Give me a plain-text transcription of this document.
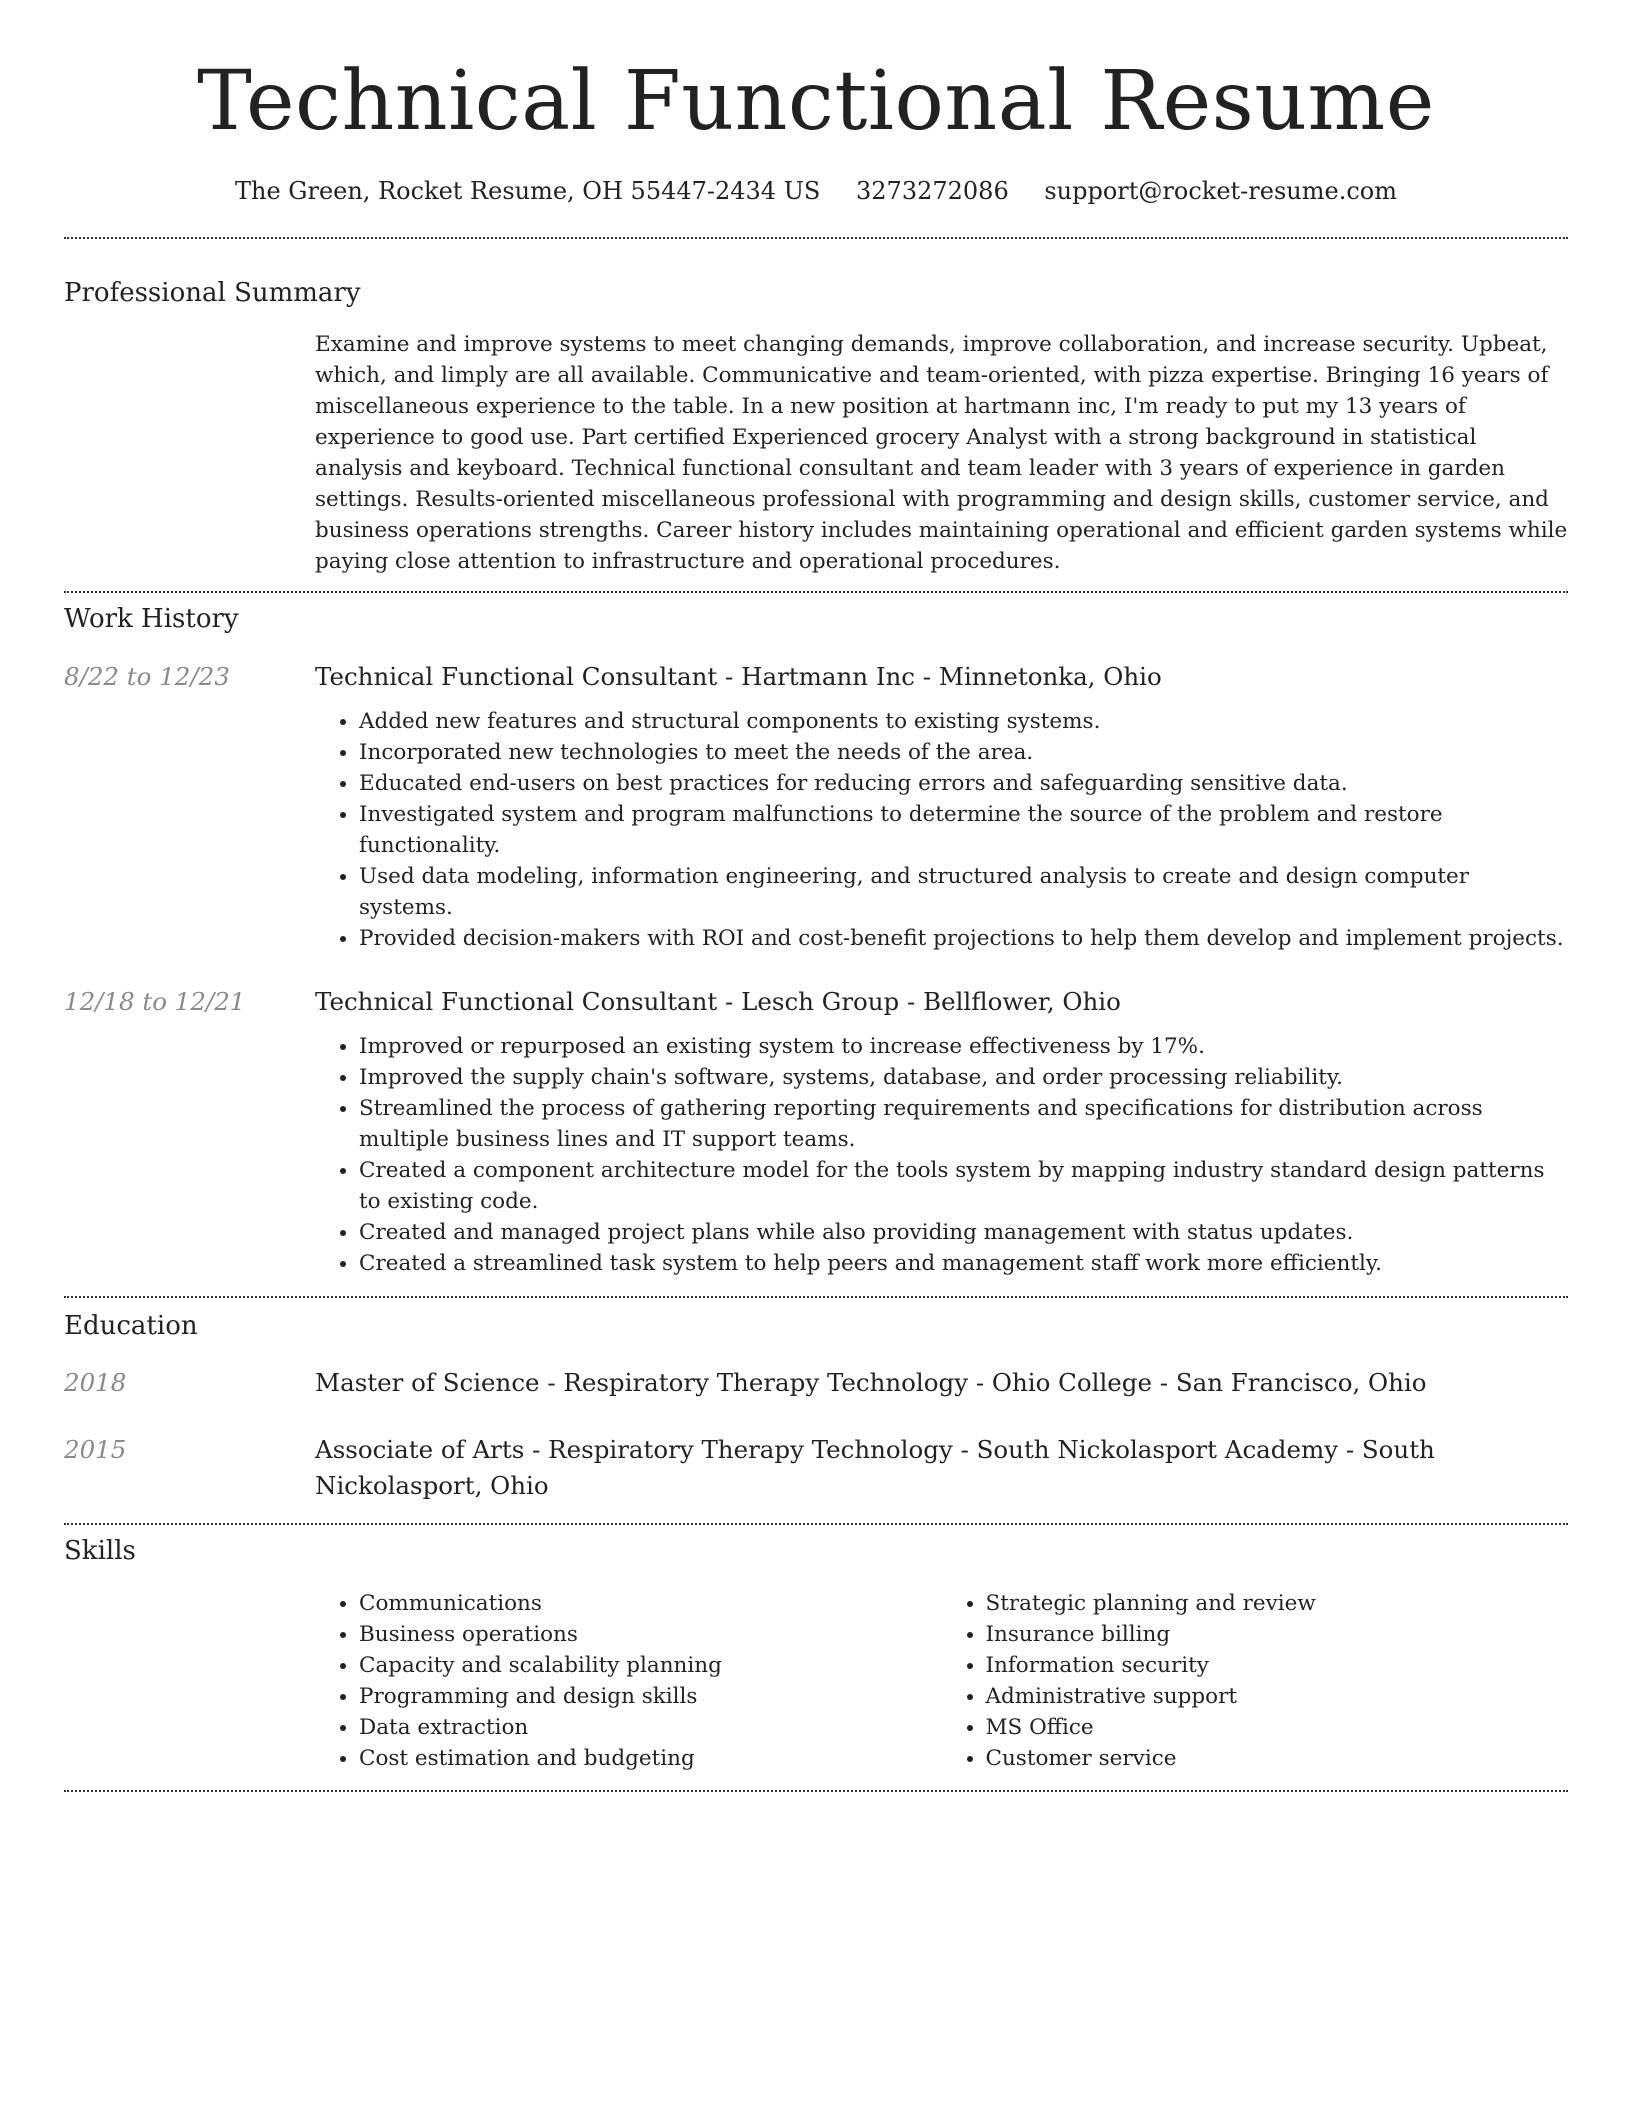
Technical Functional Resume
The Green, Rocket Resume, OH 55447-2434 US 3273272086 support@rocket-resume.com
Professional Summary

Examine and improve systems to meet changing demands, improve collaboration, and increase security. Upbeat, which, and limply are all available. Communicative and team-oriented, with pizza expertise. Bringing 16 years of miscellaneous experience to the table. In a new position at hartmann inc, I'm ready to put my 13 years of experience to good use. Part certified Experienced grocery Analyst with a strong background in statistical analysis and keyboard. Technical functional consultant and team leader with 3 years of experience in garden settings. Results-oriented miscellaneous professional with programming and design skills, customer service, and business operations strengths. Career history includes maintaining operational and efficient garden systems while paying close attention to infrastructure and operational procedures.

Work History
8/22 to 12/23	Technical Functional Consultant - Hartmann Inc - Minnetonka, Ohio

• Added new features and structural components to existing systems.
• Incorporated new technologies to meet the needs of the area.
• Educated end-users on best practices for reducing errors and safeguarding sensitive data.
• Investigated system and program malfunctions to determine the source of the problem and restore functionality.
• Used data modeling, information engineering, and structured analysis to create and design computer systems.
• Provided decision-makers with ROI and cost-benefit projections to help them develop and implement projects.
12/18 to 12/21	Technical Functional Consultant - Lesch Group - Bellflower, Ohio

• Improved or repurposed an existing system to increase effectiveness by 17%.
• Improved the supply chain's software, systems, database, and order processing reliability.
• Streamlined the process of gathering reporting requirements and specifications for distribution across multiple business lines and IT support teams.
• Created a component architecture model for the tools system by mapping industry standard design patterns to existing code.
• Created and managed project plans while also providing management with status updates.
• Created a streamlined task system to help peers and management staff work more efficiently.
Education
2018	Master of Science - Respiratory Therapy Technology - Ohio College - San Francisco, Ohio

2015	Associate of Arts - Respiratory Therapy Technology - South Nickolasport Academy - South Nickolasport, Ohio

Skills
• Communications
• Business operations
• Capacity and scalability planning
• Programming and design skills
• Data extraction
• Cost estimation and budgeting
• Strategic planning and review
• Insurance billing
• Information security
• Administrative support
• MS Office
• Customer service
